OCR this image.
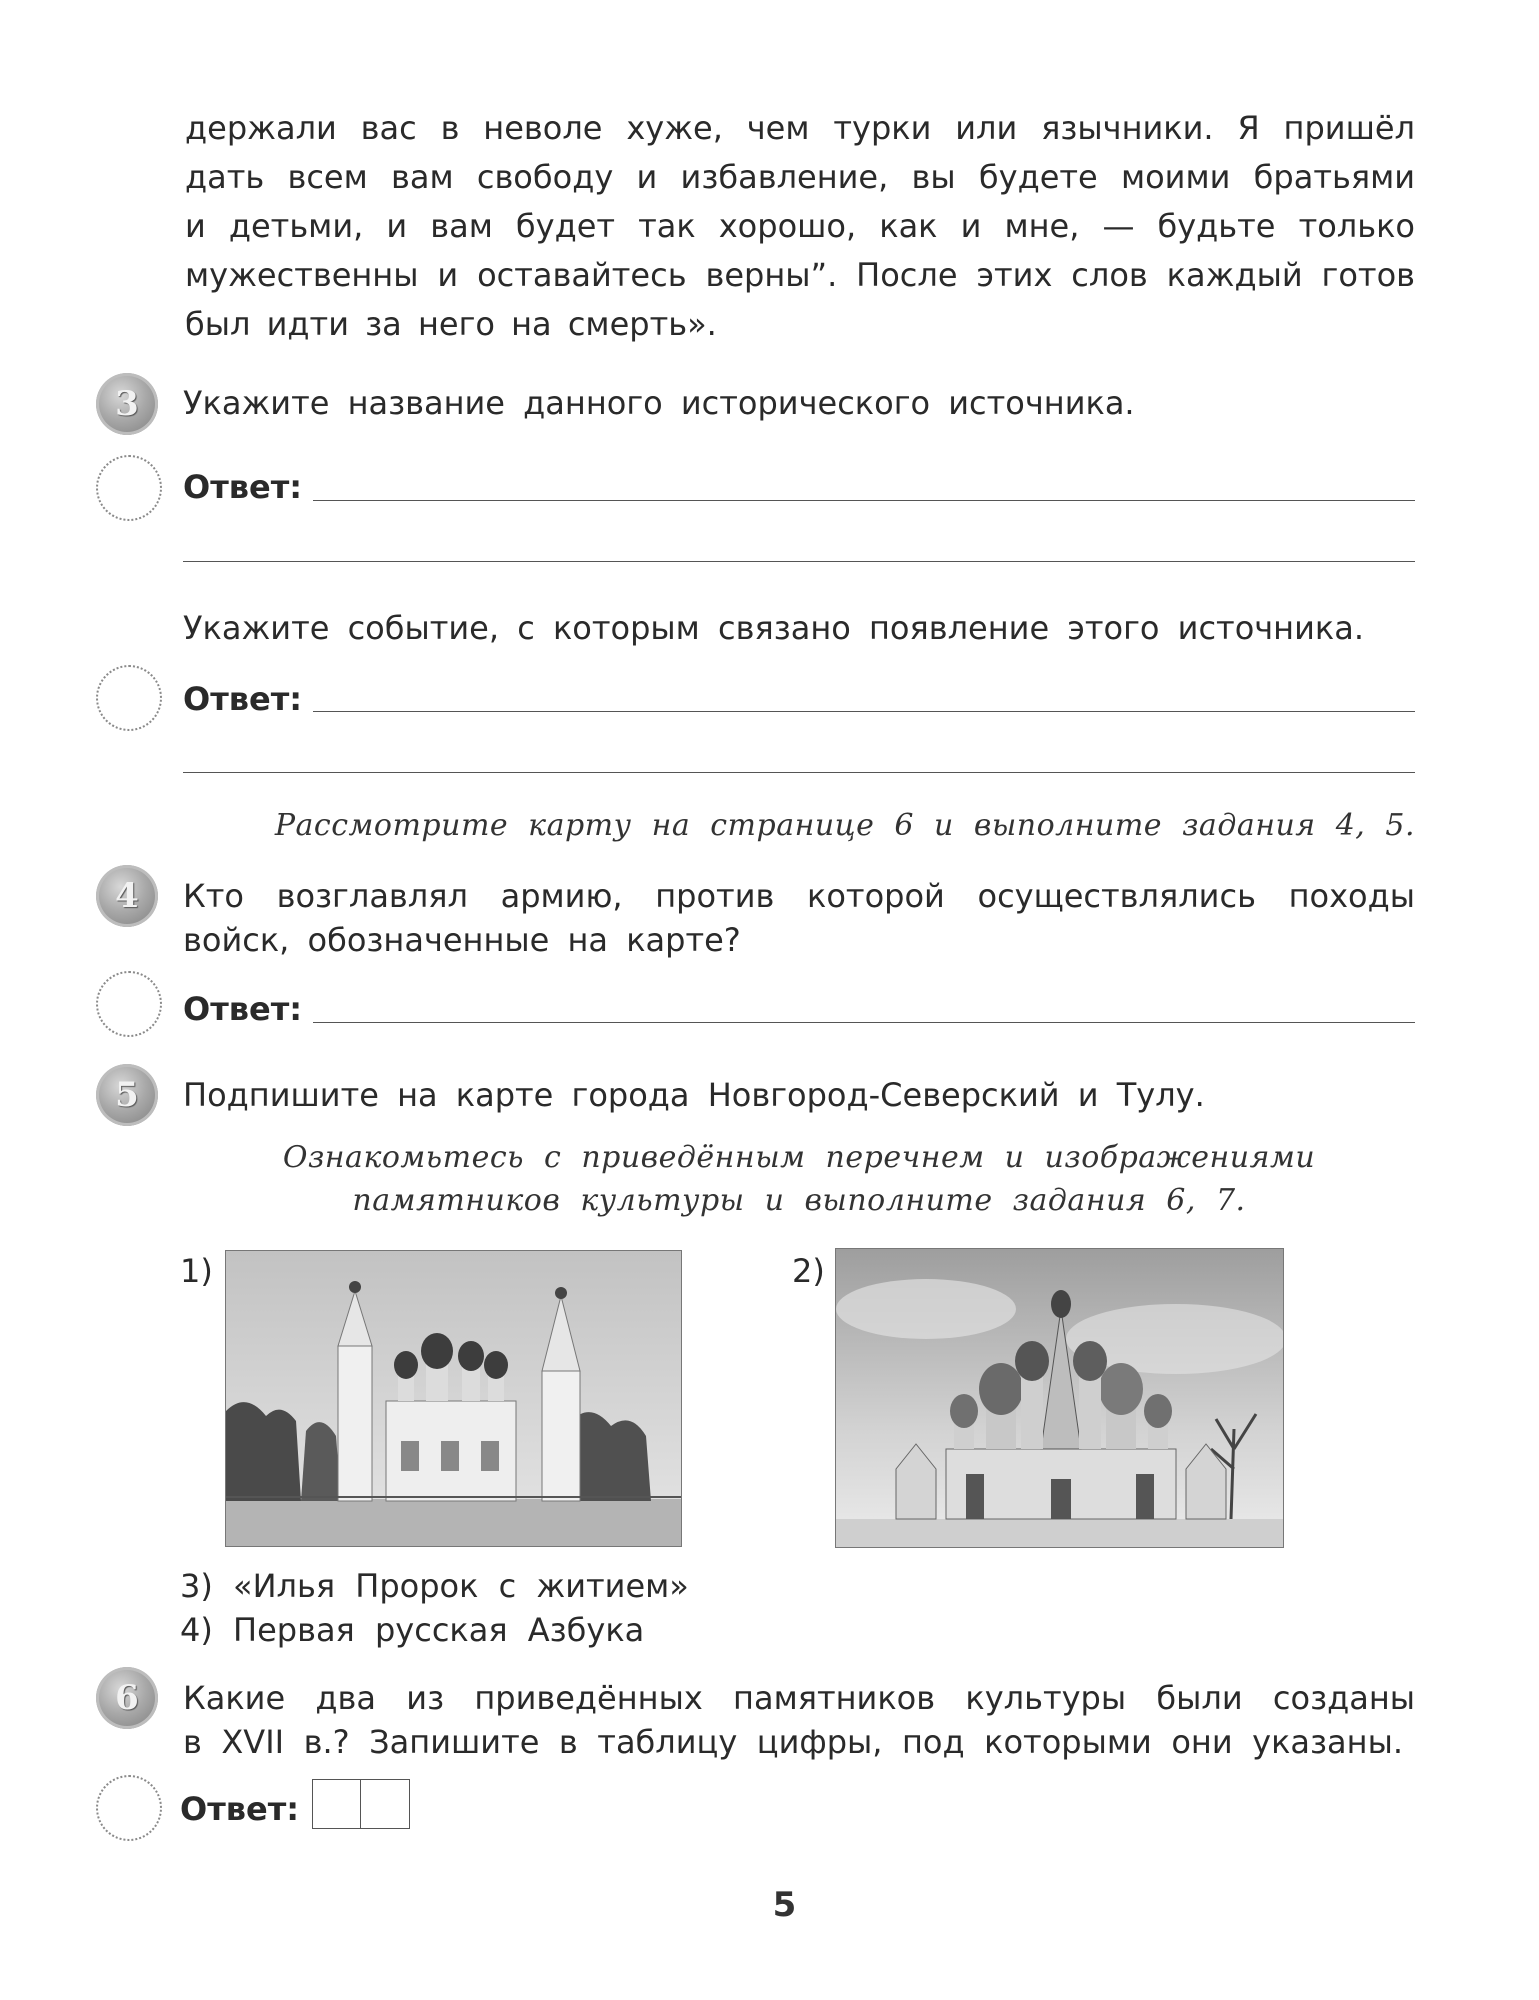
держали вас в неволе хуже, чем турки или язычники. Я пришёл
дать всем вам свободу и избавление, вы будете моими братьями
и детьми, и вам будет так хорошо, как и мне, — будьте только
мужественны и оставайтесь верны”. После этих слов каждый готов
был идти за него на смерть».
3 Укажите название данного исторического источника.
Ответ:
Укажите событие, с которым связано появление этого источника.
Ответ:
Рассмотрите карту на странице 6 и выполните задания 4, 5.
4 Кто возглавлял армию, против которой осуществлялись походы
войск, обозначенные на карте?
Ответ:
5 Подпишите на карте города Новгород-Северский и Тулу.
Ознакомьтесь с приведённым перечнем и изображениями
памятников культуры и выполните задания 6, 7.
1)	2)
3) «Илья Пророк с житием»
4) Первая русская Азбука
6 Какие два из приведённых памятников культуры были созданы
в XVII в.? Запишите в таблицу цифры, под которыми они указаны.
Ответ:
5
